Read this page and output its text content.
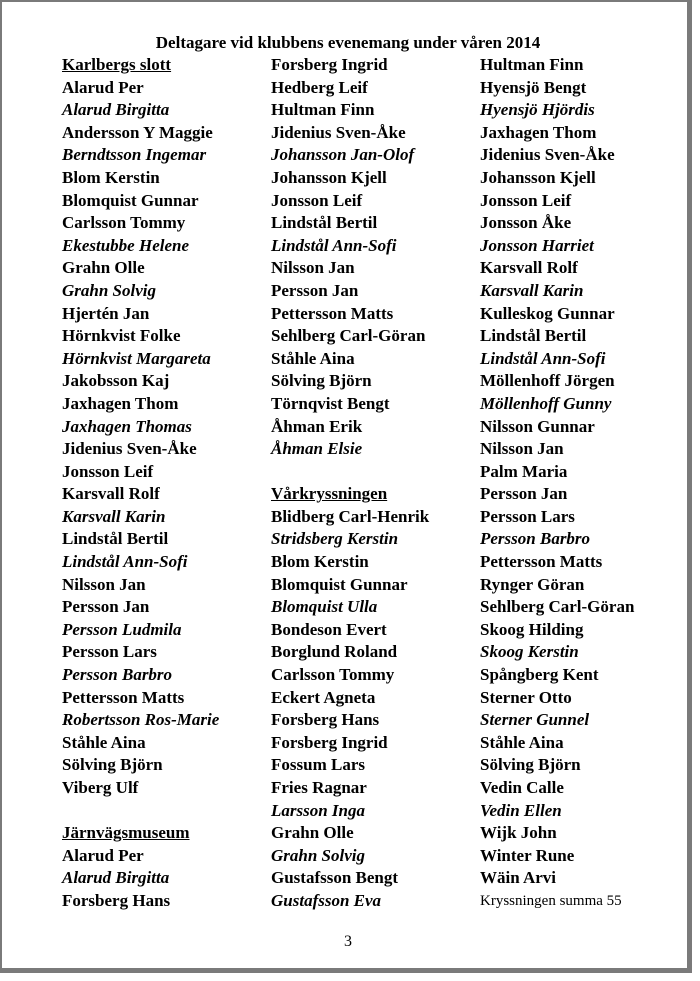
Deltagare vid klubbens evenemang under våren 2014
Karlbergs slott
Alarud Per
Alarud Birgitta
Andersson Y Maggie
Berndtsson Ingemar
Blom Kerstin
Blomquist Gunnar
Carlsson Tommy
Ekestubbe Helene
Grahn Olle
Grahn Solvig
Hjertén Jan
Hörnkvist Folke
Hörnkvist Margareta
Jakobsson Kaj
Jaxhagen Thom
Jaxhagen Thomas
Jidenius Sven-Åke
Jonsson Leif
Karsvall Rolf
Karsvall Karin
Lindstål Bertil
Lindstål Ann-Sofi
Nilsson Jan
Persson Jan
Persson Ludmila
Persson Lars
Persson Barbro
Pettersson Matts
Robertsson Ros-Marie
Ståhle Aina
Sölving Björn
Viberg Ulf

Järnvägsmuseum
Alarud Per
Alarud Birgitta
Forsberg Hans
Forsberg Ingrid
Hedberg Leif
Hultman Finn
Jidenius Sven-Åke
Johansson Jan-Olof
Johansson Kjell
Jonsson Leif
Lindstål Bertil
Lindstål Ann-Sofi
Nilsson Jan
Persson Jan
Pettersson Matts
Sehlberg Carl-Göran
Ståhle Aina
Sölving Björn
Törnqvist Bengt
Åhman Erik
Åhman Elsie

Vårkryssningen
Blidberg Carl-Henrik
Stridsberg Kerstin
Blom Kerstin
Blomquist Gunnar
Blomquist Ulla
Bondeson Evert
Borglund Roland
Carlsson Tommy
Eckert Agneta
Forsberg Hans
Forsberg Ingrid
Fossum Lars
Fries Ragnar
Larsson Inga
Grahn Olle
Grahn Solvig
Gustafsson Bengt
Gustafsson Eva
Hultman Finn
Hyensjö Bengt
Hyensjö Hjördis
Jaxhagen Thom
Jidenius Sven-Åke
Johansson Kjell
Jonsson Leif
Jonsson Åke
Jonsson Harriet
Karsvall Rolf
Karsvall Karin
Kulleskog Gunnar
Lindstål Bertil
Lindstål Ann-Sofi
Möllenhoff Jörgen
Möllenhoff Gunny
Nilsson Gunnar
Nilsson Jan
Palm Maria
Persson Jan
Persson Lars
Persson Barbro
Pettersson Matts
Rynger Göran
Sehlberg Carl-Göran
Skoog Hilding
Skoog Kerstin
Spångberg Kent
Sterner Otto
Sterner Gunnel
Ståhle Aina
Sölving Björn
Vedin Calle
Vedin Ellen
Wijk John
Winter Rune
Wäin Arvi
Kryssningen summa 55
3
